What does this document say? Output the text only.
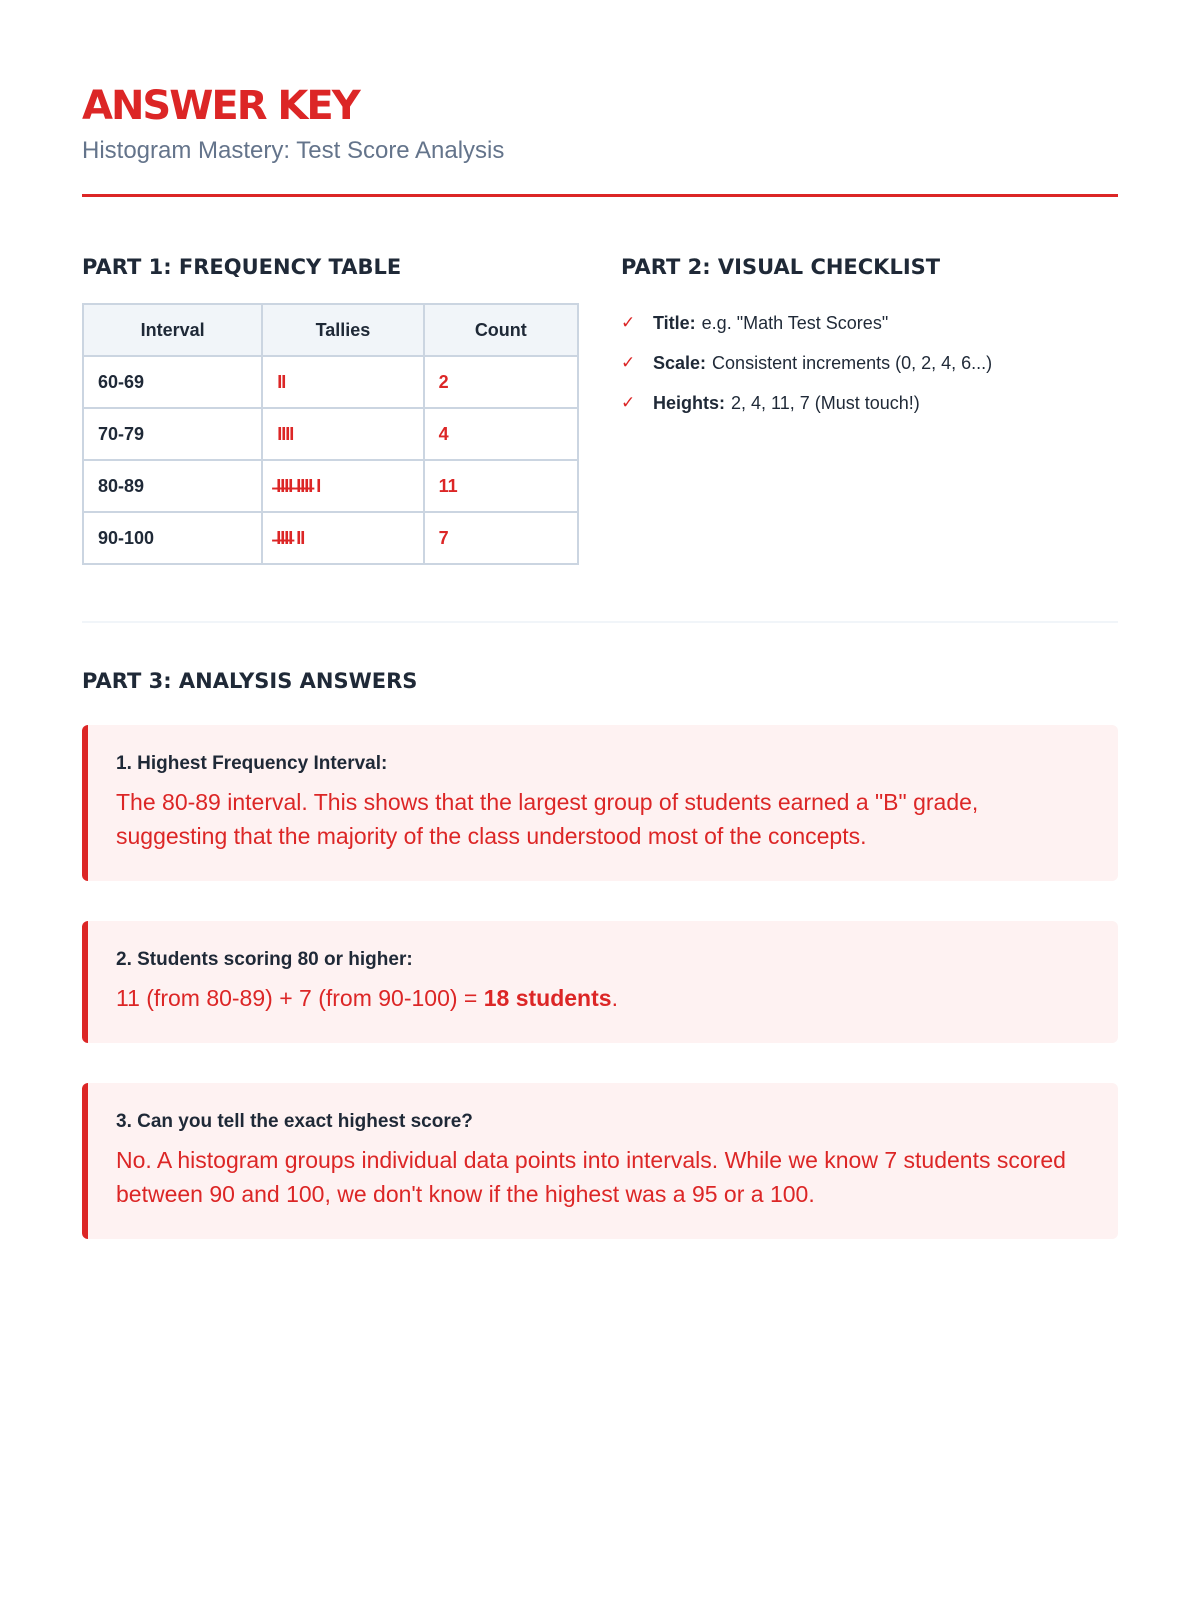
ANSWER KEY
Histogram Mastery: Test Score Analysis
PART 1: FREQUENCY TABLE
Interval	Tallies	Count
60-69	II	2
70-79	IIII	4
80-89	̶I̶I̶I̶I ̶I̶I̶I̶I I	11
90-100	̶I̶I̶I̶I II	7
PART 2: VISUAL CHECKLIST
✓ Title: e.g. "Math Test Scores"
✓ Scale: Consistent increments (0, 2, 4, 6...)
✓ Heights: 2, 4, 11, 7 (Must touch!)
PART 3: ANALYSIS ANSWERS
1. Highest Frequency Interval:
The 80-89 interval. This shows that the largest group of students earned a "B" grade, suggesting that the majority of the class understood most of the concepts.
2. Students scoring 80 or higher:
11 (from 80-89) + 7 (from 90-100) = 18 students.
3. Can you tell the exact highest score?
No. A histogram groups individual data points into intervals. While we know 7 students scored between 90 and 100, we don't know if the highest was a 95 or a 100.
